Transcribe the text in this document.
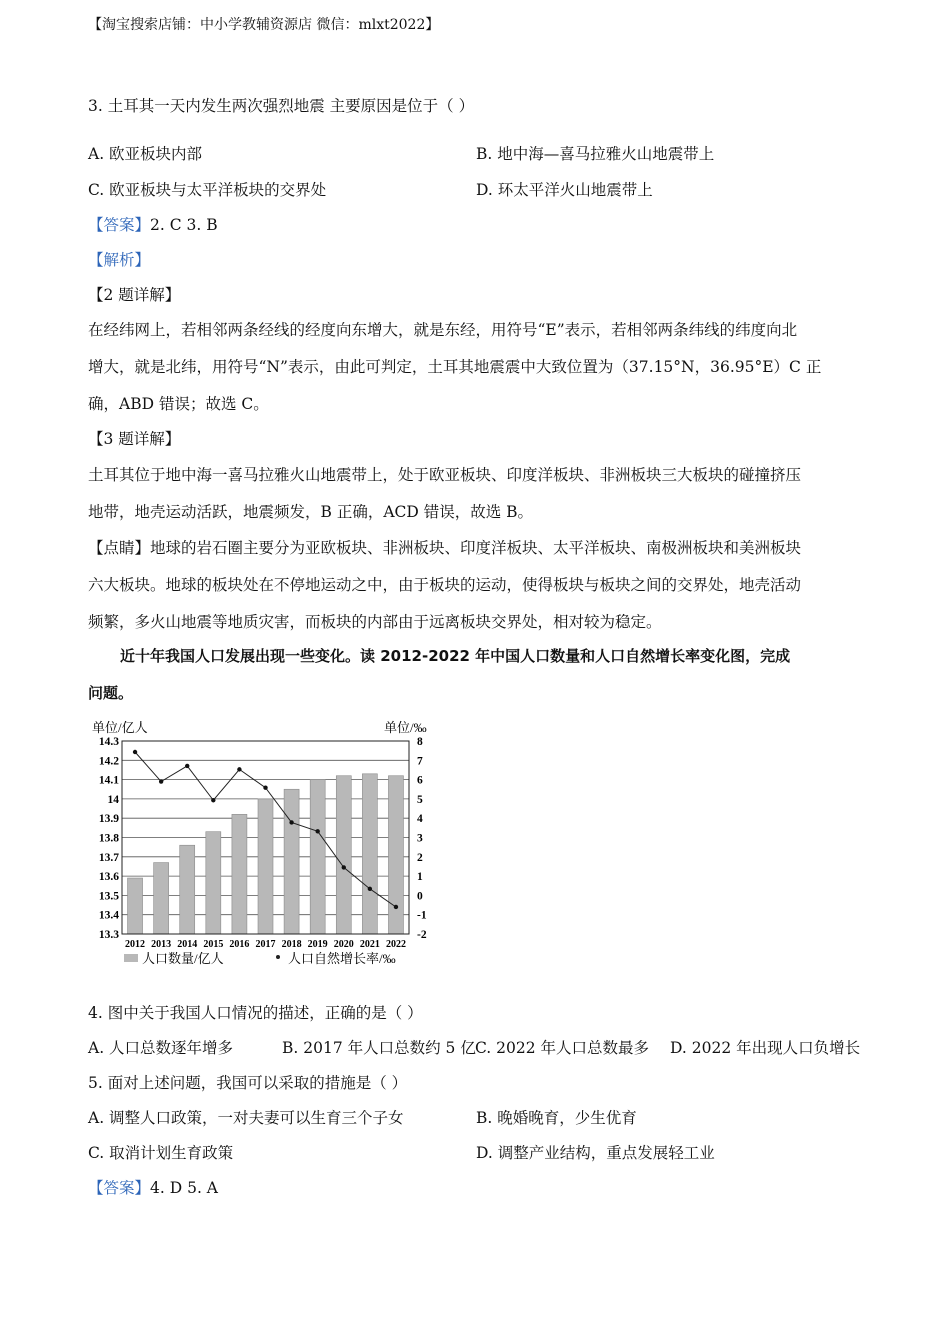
【淘宝搜索店铺：中小学教辅资源店 微信：mlxt2022】
3. 土耳其一天内发生两次强烈地震 主要原因是位于（ ）
A. 欧亚板块内部	B. 地中海—喜马拉雅火山地震带上
C. 欧亚板块与太平洋板块的交界处	D. 环太平洋火山地震带上
【答案】2. C 3. B
【解析】
【2 题详解】
在经纬网上，若相邻两条经线的经度向东增大，就是东经，用符号“E”表示，若相邻两条纬线的纬度向北
增大，就是北纬，用符号“N”表示，由此可判定，土耳其地震震中大致位置为（37.15°N，36.95°E）C 正
确，ABD 错误；故选 C。
【3 题详解】
土耳其位于地中海一喜马拉雅火山地震带上，处于欧亚板块、印度洋板块、非洲板块三大板块的碰撞挤压
地带，地壳运动活跃，地震频发，B 正确，ACD 错误，故选 B。
【点睛】地球的岩石圈主要分为亚欧板块、非洲板块、印度洋板块、太平洋板块、南极洲板块和美洲板块
六大板块。地球的板块处在不停地运动之中，由于板块的运动，使得板块与板块之间的交界处，地壳活动
频繁，多火山地震等地质灾害，而板块的内部由于远离板块交界处，相对较为稳定。
近十年我国人口发展出现一些变化。读 2012-2022 年中国人口数量和人口自然增长率变化图，完成
问题。
单位/亿人	单位/‰
14.3
14.2
14.1
14
13.9
13.8
13.7
13.6
13.5
13.4
13.3
8
7
6
5
4
3
2
1
0
-1
-2
2012 2013 2014 2015 2016 2017 2018 2019 2020 2021 2022
人口数量/亿人	人口自然增长率/‰
4. 图中关于我国人口情况的描述，正确的是（ ）
A. 人口总数逐年增多	B. 2017 年人口总数约 5 亿 C. 2022 年人口总数最多 D. 2022 年出现人口负增长
5. 面对上述问题，我国可以采取的措施是（ ）
A. 调整人口政策，一对夫妻可以生育三个子女	B. 晚婚晚育，少生优育
C. 取消计划生育政策	D. 调整产业结构，重点发展轻工业
【答案】4. D 5. A
